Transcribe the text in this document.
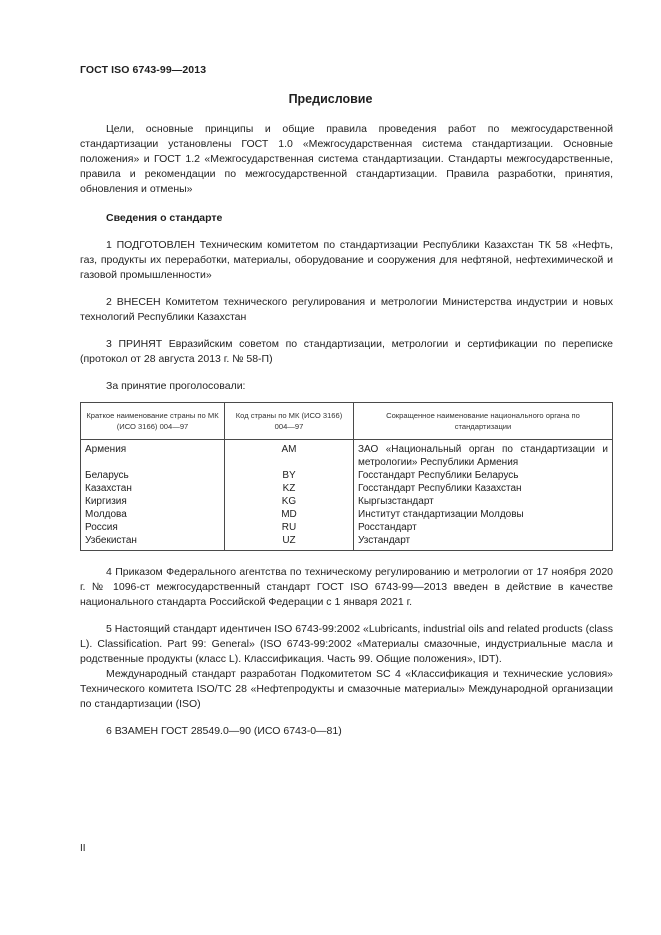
ГОСТ ISO 6743-99—2013
Предисловие

Цели, основные принципы и общие правила проведения работ по межгосударственной стандартизации установлены ГОСТ 1.0 «Межгосударственная система стандартизации. Основные положения» и ГОСТ 1.2 «Межгосударственная система стандартизации. Стандарты межгосударственные, правила и рекомендации по межгосударственной стандартизации. Правила разработки, принятия, обновления и отмены»

Сведения о стандарте

1 ПОДГОТОВЛЕН Техническим комитетом по стандартизации Республики Казахстан ТК 58 «Нефть, газ, продукты их переработки, материалы, оборудование и сооружения для нефтяной, нефтехимической и газовой промышленности»

2 ВНЕСЕН Комитетом технического регулирования и метрологии Министерства индустрии и новых технологий Республики Казахстан

3 ПРИНЯТ Евразийским советом по стандартизации, метрологии и сертификации по переписке (протокол от 28 августа 2013 г. № 58-П)

За принятие проголосовали:

Краткое наименование страны по МК (ИСО 3166) 004—97	Код страны по МК (ИСО 3166) 004—97	Сокращенное наименование национального органа по стандартизации
Армения	AM	ЗАО «Национальный орган по стандартизации и метрологии» Республики Армения
Беларусь	BY	Госстандарт Республики Беларусь
Казахстан	KZ	Госстандарт Республики Казахстан
Киргизия	KG	Кыргызстандарт
Молдова	MD	Институт стандартизации Молдовы
Россия	RU	Росстандарт
Узбекистан	UZ	Узстандарт

4 Приказом Федерального агентства по техническому регулированию и метрологии от 17 ноября 2020 г. № 1096-ст межгосударственный стандарт ГОСТ ISO 6743-99—2013 введен в действие в качестве национального стандарта Российской Федерации с 1 января 2021 г.

5 Настоящий стандарт идентичен ISO 6743-99:2002 «Lubricants, industrial oils and related products (class L). Classification. Part 99: General» (ISO 6743-99:2002 «Материалы смазочные, индустриальные масла и родственные продукты (класс L). Классификация. Часть 99. Общие положения», IDT).

Международный стандарт разработан Подкомитетом SC 4 «Классификация и технические условия» Технического комитета ISO/TC 28 «Нефтепродукты и смазочные материалы» Международной организации по стандартизации (ISO)

6 ВЗАМЕН ГОСТ 28549.0—90 (ИСО 6743-0—81)

II
